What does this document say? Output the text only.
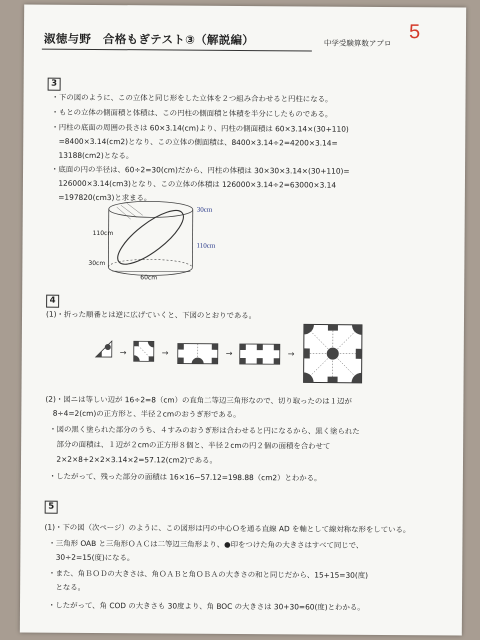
淑徳与野　合格もぎテスト③（解説編）	中学受験算数アプロ
5
3
・下の図のように、この立体と同じ形をした立体を２つ組み合わせると円柱になる。
・もとの立体の側面積と体積は、この円柱の側面積と体積を半分にしたものである。
・円柱の底面の周囲の長さは 60×3.14(cm)より、円柱の側面積は 60×3.14×(30+110)
　=8400×3.14(cm2)となり、この立体の側面積は、8400×3.14÷2=4200×3.14=
　13188(cm2)となる。
・底面の円の半径は、60÷2=30(cm)だから、円柱の体積は 30×30×3.14×(30+110)=
　126000×3.14(cm3)となり、この立体の体積は 126000×3.14÷2=63000×3.14
　=197820(cm3)と求まる。
30cm
110cm
110cm
30cm
60cm
4
(1)・折った順番とは逆に広げていくと、下図のとおりである。
→	→	→	→
(2)・図ニは等しい辺が 16÷2=8（cm）の直角二等辺三角形なので、切り取ったのは１辺が
　8÷4=2(cm)の正方形と、半径２cmのおうぎ形である。
・図の黒く塗られた部分のうち、４すみのおうぎ形は合わせると円になるから、黒く塗られた
　部分の面積は、１辺が２cmの正方形８個と、半径２cmの円２個の面積を合わせて
　2×2×8+2×2×3.14×2=57.12(cm2)である。
・したがって、残った部分の面積は 16×16−57.12=198.88（cm2）とわかる。
5
(1)・下の図（次ページ）のように、この図形は円の中心Ｏを通る直線 AD を軸として線対称な形をしている。
・三角形 OAB と三角形ＯＡＣは二等辺三角形より、●印をつけた角の大きさはすべて同じで、
　30÷2=15(度)になる。
・また、角ＢＯＤの大きさは、角ＯＡＢと角ＯＢＡの大きさの和と同じだから、15+15=30(度)
　となる。
・したがって、角 COD の大きさも 30度より、角 BOC の大きさは 30+30=60(度)とわかる。
